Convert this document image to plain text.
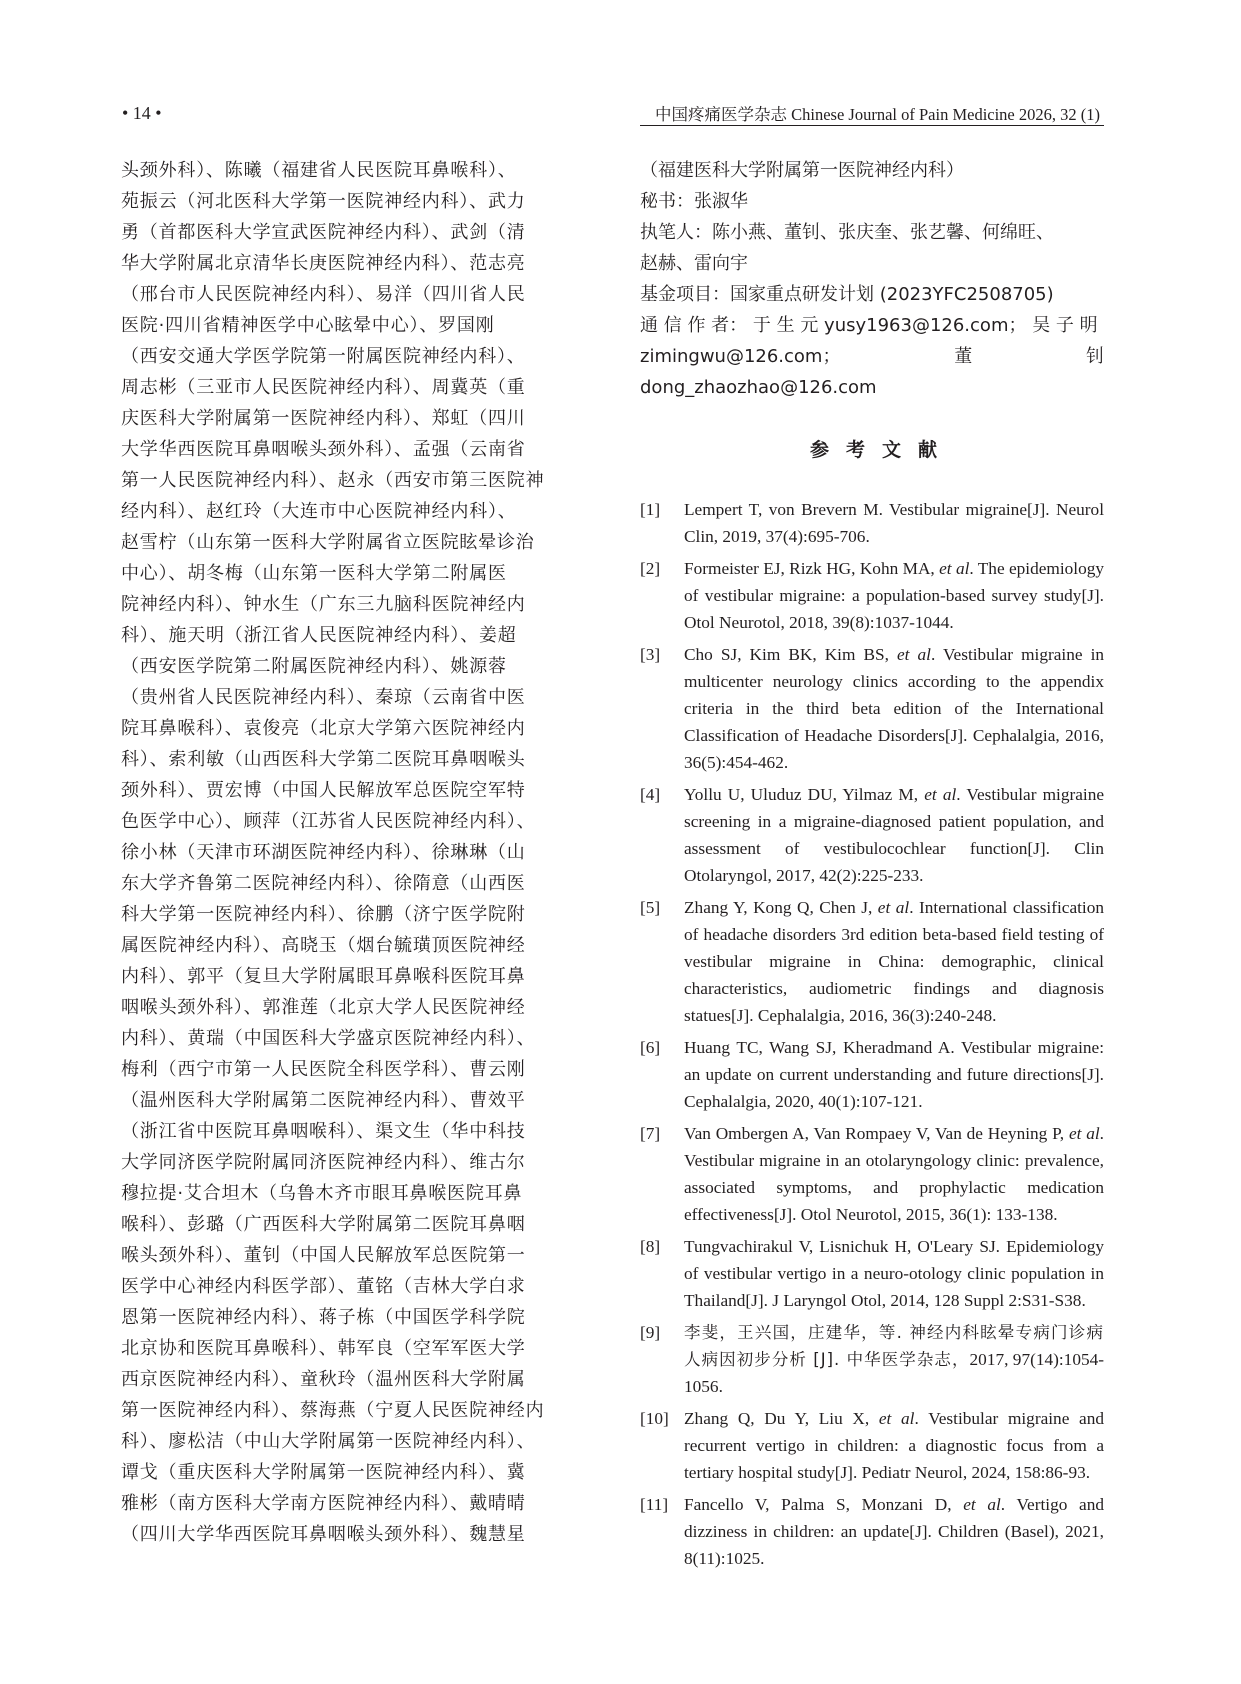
• 14 •	中国疼痛医学杂志 Chinese Journal of Pain Medicine 2026, 32 (1)
头颈外科）、陈曦（福建省人民医院耳鼻喉科）、
苑振云（河北医科大学第一医院神经内科）、武力
勇（首都医科大学宣武医院神经内科）、武剑（清
华大学附属北京清华长庚医院神经内科）、范志亮
（邢台市人民医院神经内科）、易洋（四川省人民
医院·四川省精神医学中心眩晕中心）、罗国刚
（西安交通大学医学院第一附属医院神经内科）、
周志彬（三亚市人民医院神经内科）、周冀英（重
庆医科大学附属第一医院神经内科）、郑虹（四川
大学华西医院耳鼻咽喉头颈外科）、孟强（云南省
第一人民医院神经内科）、赵永（西安市第三医院神
经内科）、赵红玲（大连市中心医院神经内科）、
赵雪柠（山东第一医科大学附属省立医院眩晕诊治
中心）、胡冬梅（山东第一医科大学第二附属医
院神经内科）、钟水生（广东三九脑科医院神经内
科）、施天明（浙江省人民医院神经内科）、姜超
（西安医学院第二附属医院神经内科）、姚源蓉
（贵州省人民医院神经内科）、秦琼（云南省中医
院耳鼻喉科）、袁俊亮（北京大学第六医院神经内
科）、索利敏（山西医科大学第二医院耳鼻咽喉头
颈外科）、贾宏博（中国人民解放军总医院空军特
色医学中心）、顾萍（江苏省人民医院神经内科）、
徐小林（天津市环湖医院神经内科）、徐琳琳（山
东大学齐鲁第二医院神经内科）、徐隋意（山西医
科大学第一医院神经内科）、徐鹏（济宁医学院附
属医院神经内科）、高晓玉（烟台毓璜顶医院神经
内科）、郭平（复旦大学附属眼耳鼻喉科医院耳鼻
咽喉头颈外科）、郭淮莲（北京大学人民医院神经
内科）、黄瑞（中国医科大学盛京医院神经内科）、
梅利（西宁市第一人民医院全科医学科）、曹云刚
（温州医科大学附属第二医院神经内科）、曹效平
（浙江省中医院耳鼻咽喉科）、渠文生（华中科技
大学同济医学院附属同济医院神经内科）、维古尔
穆拉提·艾合坦木（乌鲁木齐市眼耳鼻喉医院耳鼻
喉科）、彭璐（广西医科大学附属第二医院耳鼻咽
喉头颈外科）、董钊（中国人民解放军总医院第一
医学中心神经内科医学部）、董铭（吉林大学白求
恩第一医院神经内科）、蒋子栋（中国医学科学院
北京协和医院耳鼻喉科）、韩军良（空军军医大学
西京医院神经内科）、童秋玲（温州医科大学附属
第一医院神经内科）、蔡海燕（宁夏人民医院神经内
科）、廖松洁（中山大学附属第一医院神经内科）、
谭戈（重庆医科大学附属第一医院神经内科）、冀
雅彬（南方医科大学南方医院神经内科）、戴晴晴
（四川大学华西医院耳鼻咽喉头颈外科）、魏慧星
（福建医科大学附属第一医院神经内科）
秘书：张淑华
执笔人：陈小燕、董钊、张庆奎、张艺馨、何绵旺、
赵赫、雷向宇
基金项目：国家重点研发计划 (2023YFC2508705)
通 信 作 者： 于 生 元 yusy1963@126.com； 吴 子 明
zimingwu@126.com；董钊 dong_zhaozhao@126.com
参考文献
[1] Lempert T, von Brevern M. Vestibular migraine[J]. Neurol Clin, 2019, 37(4):695-706.
[2] Formeister EJ, Rizk HG, Kohn MA, et al. The epidemiology of vestibular migraine: a population-based survey study[J]. Otol Neurotol, 2018, 39(8):1037-1044.
[3] Cho SJ, Kim BK, Kim BS, et al. Vestibular migraine in multicenter neurology clinics according to the appendix criteria in the third beta edition of the International Classification of Headache Disorders[J]. Cephalalgia, 2016, 36(5):454-462.
[4] Yollu U, Uluduz DU, Yilmaz M, et al. Vestibular migraine screening in a migraine-diagnosed patient population, and assessment of vestibulocochlear function[J]. Clin Otolaryngol, 2017, 42(2):225-233.
[5] Zhang Y, Kong Q, Chen J, et al. International classification of headache disorders 3rd edition beta-based field testing of vestibular migraine in China: demographic, clinical characteristics, audiometric findings and diagnosis statues[J]. Cephalalgia, 2016, 36(3):240-248.
[6] Huang TC, Wang SJ, Kheradmand A. Vestibular migraine: an update on current understanding and future directions[J]. Cephalalgia, 2020, 40(1):107-121.
[7] Van Ombergen A, Van Rompaey V, Van de Heyning P, et al. Vestibular migraine in an otolaryngology clinic: prevalence, associated symptoms, and prophylactic medication effectiveness[J]. Otol Neurotol, 2015, 36(1): 133-138.
[8] Tungvachirakul V, Lisnichuk H, O'Leary SJ. Epidemiology of vestibular vertigo in a neuro-otology clinic population in Thailand[J]. J Laryngol Otol, 2014, 128 Suppl 2:S31-S38.
[9] 李斐，王兴国，庄建华，等. 神经内科眩晕专病门诊病人病因初步分析 [J]. 中华医学杂志，2017, 97(14):1054-1056.
[10] Zhang Q, Du Y, Liu X, et al. Vestibular migraine and recurrent vertigo in children: a diagnostic focus from a tertiary hospital study[J]. Pediatr Neurol, 2024, 158:86-93.
[11] Fancello V, Palma S, Monzani D, et al. Vertigo and dizziness in children: an update[J]. Children (Basel), 2021, 8(11):1025.
